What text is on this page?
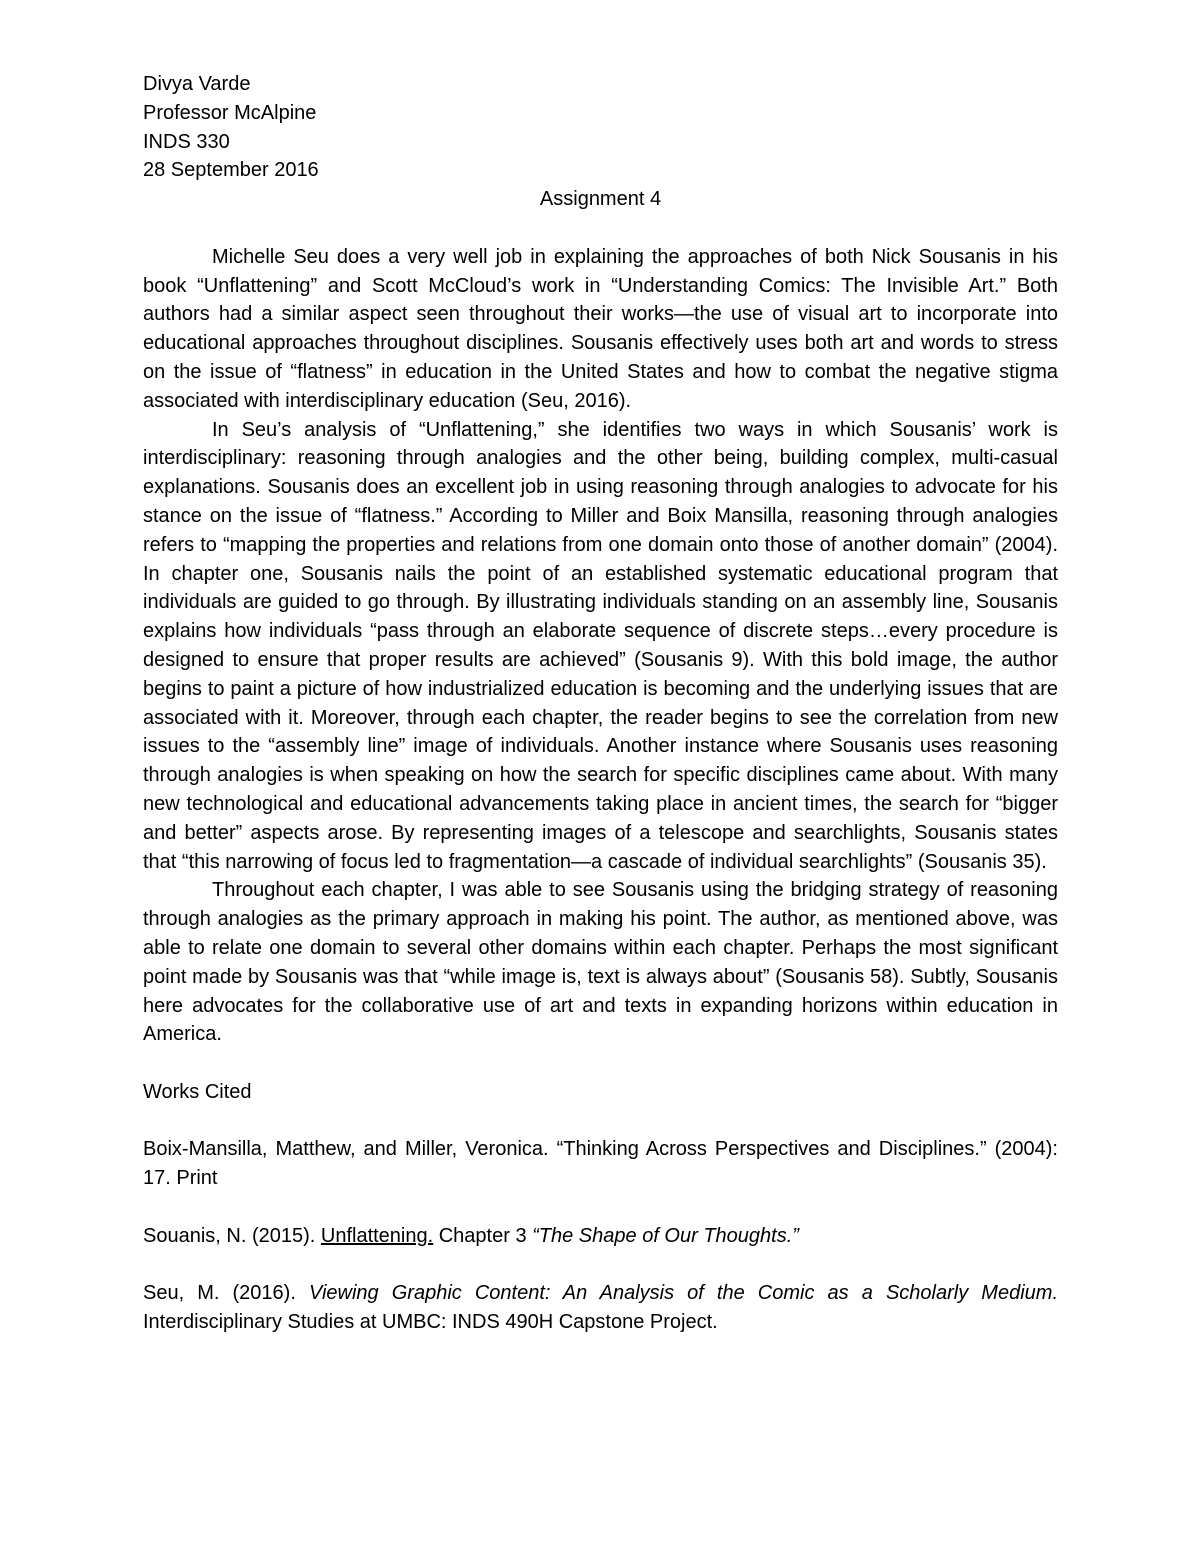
Divya Varde

Professor McAlpine

INDS 330

28 September 2016

Assignment 4

Michelle Seu does a very well job in explaining the approaches of both Nick Sousanis in his book “Unflattening” and Scott McCloud’s work in “Understanding Comics: The Invisible Art.” Both authors had a similar aspect seen throughout their works—the use of visual art to incorporate into educational approaches throughout disciplines. Sousanis effectively uses both art and words to stress on the issue of “flatness” in education in the United States and how to combat the negative stigma associated with interdisciplinary education (Seu, 2016).

In Seu’s analysis of “Unflattening,” she identifies two ways in which Sousanis’ work is interdisciplinary: reasoning through analogies and the other being, building complex, multi-casual explanations. Sousanis does an excellent job in using reasoning through analogies to advocate for his stance on the issue of “flatness.” According to Miller and Boix Mansilla, reasoning through analogies refers to “mapping the properties and relations from one domain onto those of another domain” (2004). In chapter one, Sousanis nails the point of an established systematic educational program that individuals are guided to go through. By illustrating individuals standing on an assembly line, Sousanis explains how individuals “pass through an elaborate sequence of discrete steps…every procedure is designed to ensure that proper results are achieved” (Sousanis 9). With this bold image, the author begins to paint a picture of how industrialized education is becoming and the underlying issues that are associated with it. Moreover, through each chapter, the reader begins to see the correlation from new issues to the “assembly line” image of individuals. Another instance where Sousanis uses reasoning through analogies is when speaking on how the search for specific disciplines came about. With many new technological and educational advancements taking place in ancient times, the search for “bigger and better” aspects arose. By representing images of a telescope and searchlights, Sousanis states that “this narrowing of focus led to fragmentation—a cascade of individual searchlights” (Sousanis 35).

Throughout each chapter, I was able to see Sousanis using the bridging strategy of reasoning through analogies as the primary approach in making his point. The author, as mentioned above, was able to relate one domain to several other domains within each chapter. Perhaps the most significant point made by Sousanis was that “while image is, text is always about” (Sousanis 58). Subtly, Sousanis here advocates for the collaborative use of art and texts in expanding horizons within education in America.

Works Cited

Boix-Mansilla, Matthew, and Miller, Veronica. “Thinking Across Perspectives and Disciplines.” (2004): 17. Print

Souanis, N. (2015). Unflattening. Chapter 3 “The Shape of Our Thoughts.”

Seu, M. (2016). Viewing Graphic Content: An Analysis of the Comic as a Scholarly Medium. Interdisciplinary Studies at UMBC: INDS 490H Capstone Project.
